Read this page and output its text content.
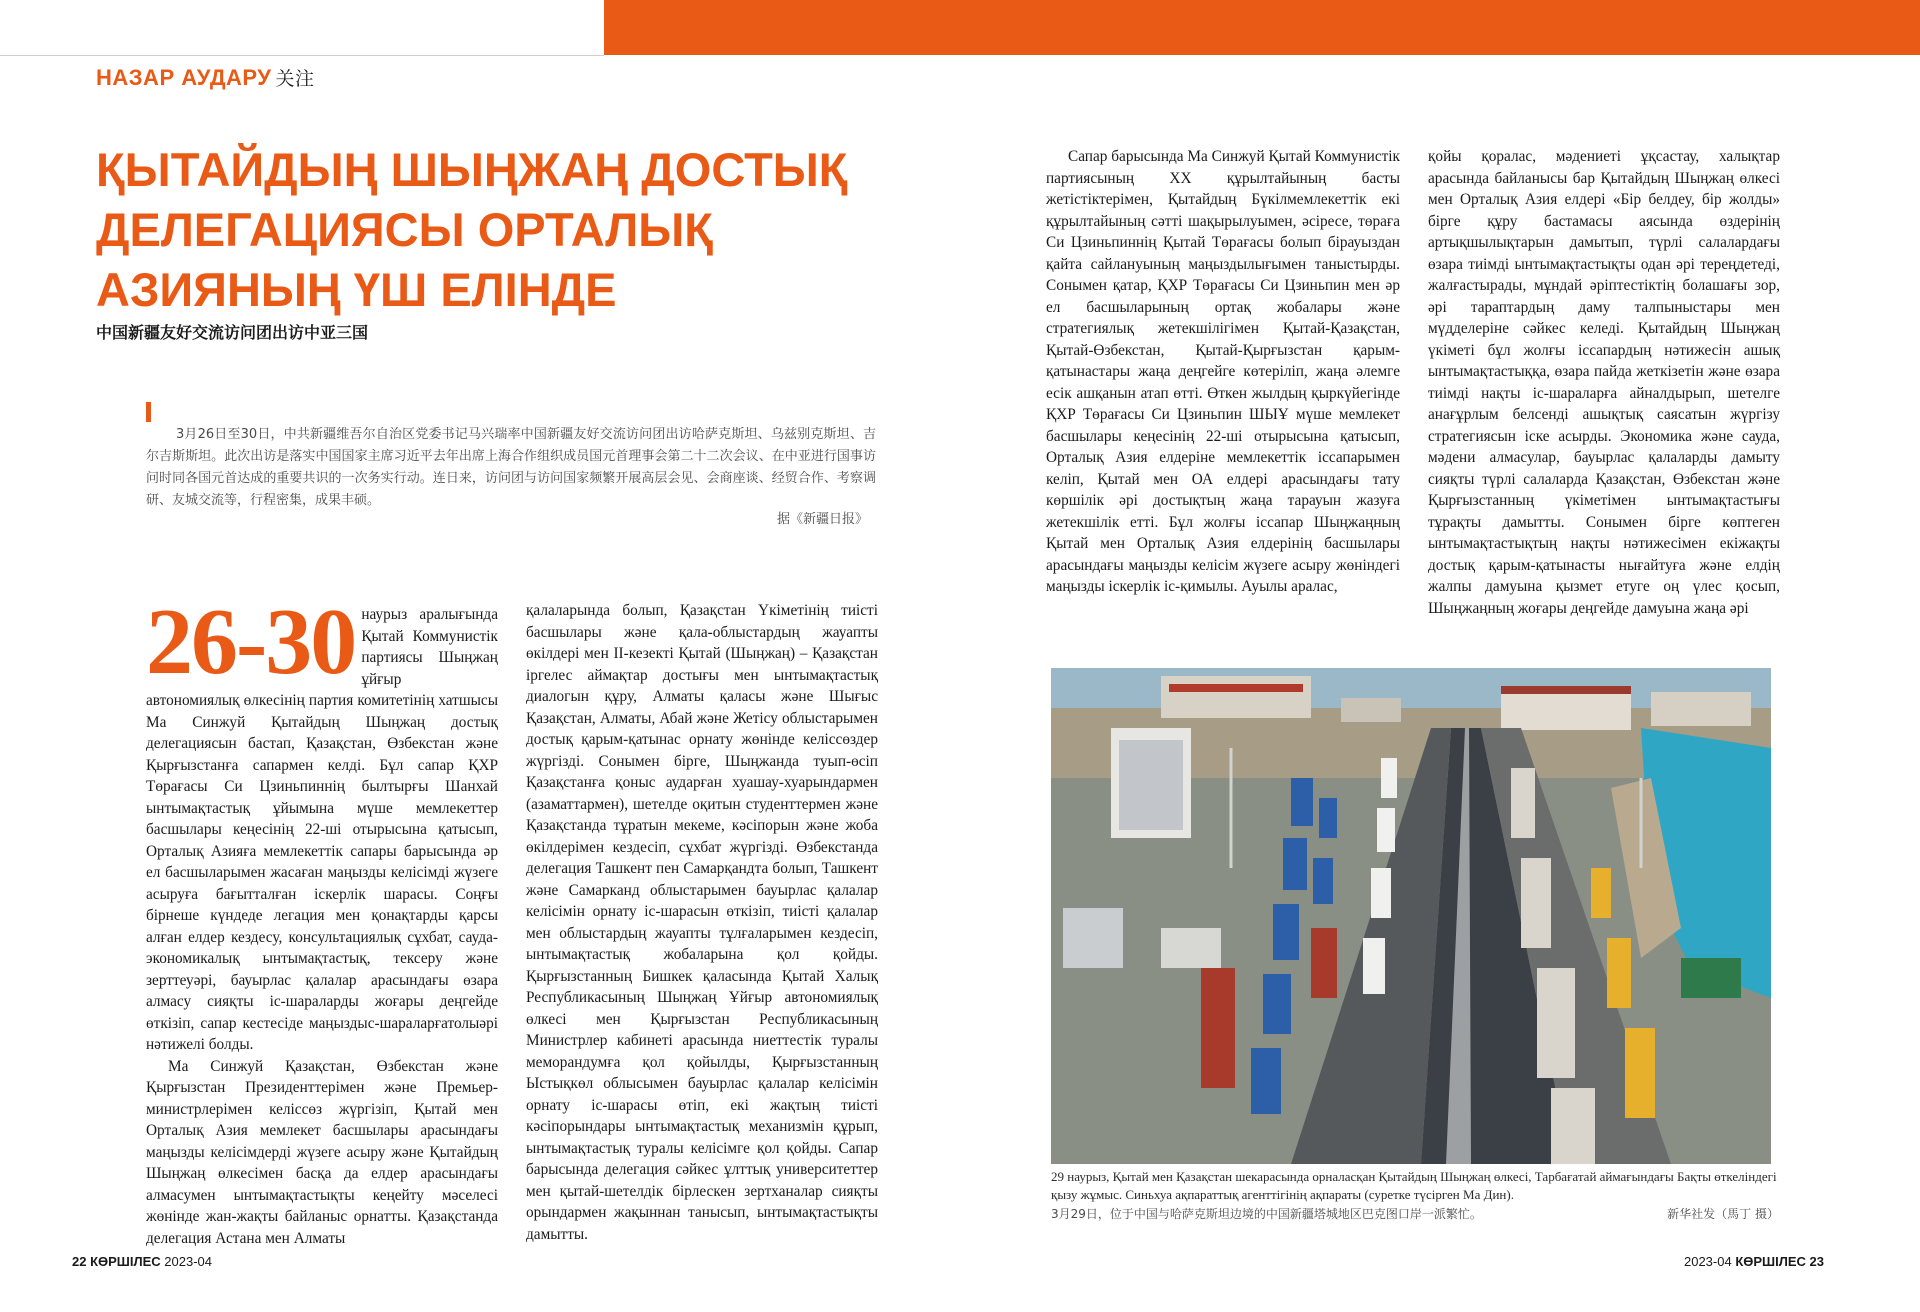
НАЗАР АУДАРУ 关注
ҚЫТАЙДЫҢ ШЫҢЖАҢ ДОСТЫҚ ДЕЛЕГАЦИЯСЫ ОРТАЛЫҚ АЗИЯНЫҢ ҮШ ЕЛІНДЕ
中国新疆友好交流访问团出访中亚三国

3月26日至30日，中共新疆维吾尔自治区党委书记马兴瑞率中国新疆友好交流访问团出访哈萨克斯坦、乌兹别克斯坦、吉尔吉斯斯坦。此次出访是落实中国国家主席习近平去年出席上海合作组织成员国元首理事会第二十二次会议、在中亚进行国事访问时同各国元首达成的重要共识的一次务实行动。连日来，访问团与访问国家频繁开展高层会见、会商座谈、经贸合作、考察调研、友城交流等，行程密集，成果丰硕。

据《新疆日报》

26-30 наурыз аралығында Қытай Коммунистік партиясы Шыңжаң ұйғыр автономиялық өлкесінің партия комитетінің хатшысы Ма Синжуй Қытайдың Шыңжаң достық делегациясын бастап, Қазақстан, Өзбекстан және Қырғызстанға сапармен келді. Бұл сапар ҚХР Төрағасы Си Цзиньпиннің былтырғы Шанхай ынтымақтастық ұйымына мүше мемлекеттер басшылары кеңесінің 22-ші отырысына қатысып, Орталық Азияға мемлекеттік сапары барысында әр ел басшыларымен жасаған маңызды келісімді жүзеге асыруға бағытталған іскерлік шарасы. Соңғы бірнеше күндеде легация мен қонақтарды қарсы алған елдер кездесу, консультациялық сұхбат, сауда-экономикалық ынтымақтастық, тексеру және зерттеуәрі, бауырлас қалалар арасындағы өзара алмасу сияқты іс-шараларды жоғары деңгейде өткізіп, сапар кестесіде маңыздыс-шараларғатолыәрі нәтижелі болды.

Ма Синжуй Қазақстан, Өзбекстан және Қырғызстан Президенттерімен және Премьер-министрлерімен келіссөз жүргізіп, Қытай мен Орталық Азия мемлекет басшылары арасындағы маңызды келісімдерді жүзеге асыру және Қытайдың Шыңжаң өлкесімен басқа да елдер арасындағы алмасумен ынтымақтастықты кеңейту мәселесі жөнінде жан-жақты байланыс орнатты. Қазақстанда делегация Астана мен Алматы

қалаларында болып, Қазақстан Үкіметінің тиісті басшылары және қала-облыстардың жауапты өкілдері мен ІІ-кезекті Қытай (Шыңжаң) – Қазақстан іргелес аймақтар достығы мен ынтымақтастық диалогын құру, Алматы қаласы және Шығыс Қазақстан, Алматы, Абай және Жетісу облыстарымен достық қарым-қатынас орнату жөнінде келіссөздер жүргізді. Сонымен бірге, Шыңжанда туып-өсіп Қазақстанға қоныс аударған хуашау-хуарындармен (азаматтармен), шетелде оқитын студенттермен және Қазақстанда тұратын мекеме, кәсіпорын және жоба өкілдерімен кездесіп, сұхбат жүргізді. Өзбекстанда делегация Ташкент пен Самарқандта болып, Ташкент және Самарканд облыстарымен бауырлас қалалар келісімін орнату іс-шарасын өткізіп, тиісті қалалар мен облыстардың жауапты тұлғаларымен кездесіп, ынтымақтастық жобаларына қол қойды. Қырғызстанның Бишкек қаласында Қытай Халық Республикасының Шыңжаң Ұйғыр автономиялық өлкесі мен Қырғызстан Республикасының Министрлер кабинеті арасында ниеттестік туралы меморандумға қол қойылды, Қырғызстанның Ыстықкөл облысымен бауырлас қалалар келісімін орнату іс-шарасы өтіп, екі жақтың тиісті кәсіпорындары ынтымақтастық механизмін құрып, ынтымақтастық туралы келісімге қол қойды. Сапар барысында делегация сәйкес ұлттық университеттер мен қытай-шетелдік бірлескен зертханалар сияқты орындармен жақыннан танысып, ынтымақтастықты дамытты.

Сапар барысында Ма Синжуй Қытай Коммунистік партиясының ХХ құрылтайының басты жетістіктерімен, Қытайдың Бүкілмемлекеттік екі құрылтайының сәтті шақырылуымен, әсіресе, төраға Си Цзиньпиннің Қытай Төрағасы болып бірауыздан қайта сайлануының маңыздылығымен таныстырды. Сонымен қатар, ҚХР Төрағасы Си Цзиньпин мен әр ел басшыларының ортақ жобалары және стратегиялық жетекшілігімен Қытай-Қазақстан, Қытай-Өзбекстан, Қытай-Қырғызстан қарым-қатынастары жаңа деңгейге көтеріліп, жаңа әлемге есік ашқанын атап өтті. Өткен жылдың қыркүйегінде ҚХР Төрағасы Си Цзиньпин ШЫҰ мүше мемлекет басшылары кеңесінің 22-ші отырысына қатысып, Орталық Азия елдеріне мемлекеттік іссапарымен келіп, Қытай мен ОА елдері арасындағы тату көршілік әрі достықтың жаңа тарауын жазуға жетекшілік етті. Бұл жолғы іссапар Шыңжаңның Қытай мен Орталық Азия елдерінің басшылары арасындағы маңызды келісім жүзеге асыру жөніндегі маңызды іскерлік іс-қимылы. Ауылы аралас,

қойы қоралас, мәдениеті ұқсастау, халықтар арасында байланысы бар Қытайдың Шыңжаң өлкесі мен Орталық Азия елдері «Бір белдеу, бір жолды» бірге құру бастамасы аясында өздерінің артықшылықтарын дамытып, түрлі салалардағы өзара тиімді ынтымақтастықты одан әрі тереңдетеді, жалғастырады, мұндай әріптестіктің болашағы зор, әрі тараптардың даму талпыныстары мен мүдделеріне сәйкес келеді. Қытайдың Шыңжаң үкіметі бұл жолғы іссапардың нәтижесін ашық ынтымақтастыққа, өзара пайда жеткізетін және өзара тиімді нақты іс-шараларға айналдырып, шетелге анағұрлым белсенді ашықтық саясатын жүргізу стратегиясын іске асырды. Экономика және сауда, мәдени алмасулар, бауырлас қалаларды дамыту сияқты түрлі салаларда Қазақстан, Өзбекстан және Қырғызстанның үкіметімен ынтымақтастығы тұрақты дамытты. Сонымен бірге көптеген ынтымақтастықтың нақты нәтижесімен екіжақты достық қарым-қатынасты нығайтуға және елдің жалпы дамуына қызмет етуге оң үлес қосып, Шыңжаңның жоғары деңгейде дамуына жаңа әрі

29 наурыз, Қытай мен Қазақстан шекарасында орналасқан Қытайдың Шыңжаң өлкесі, Тарбағатай аймағындағы Бақты өткеліндегі қызу жұмыс. Синьхуа ақпараттық агенттігінің ақпараты (суретке түсірген Ма Дин).
3月29日，位于中国与哈萨克斯坦边境的中国新疆塔城地区巴克图口岸一派繁忙。	新华社发（馬丁 摄）
22 КӨРШІЛЕС 2023-04	2023-04 КӨРШІЛЕС 23
